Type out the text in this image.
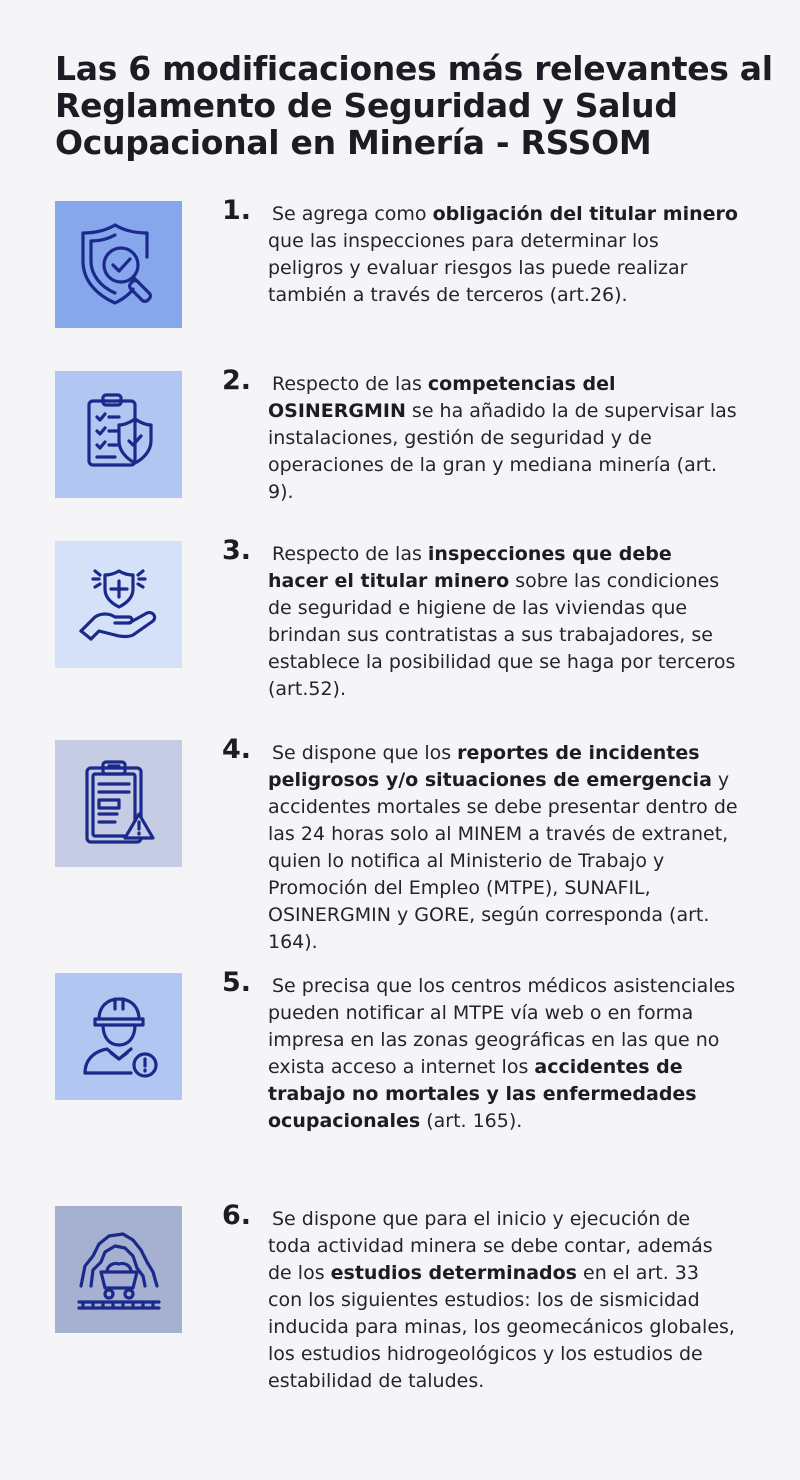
Las 6 modificaciones más relevantes al Reglamento de Seguridad y Salud Ocupacional en Minería - RSSOM
1. Se agrega como obligación del titular minero que las inspecciones para determinar los peligros y evaluar riesgos las puede realizar también a través de terceros (art.26).

2. Respecto de las competencias del OSINERGMIN se ha añadido la de supervisar las instalaciones, gestión de seguridad y de operaciones de la gran y mediana minería (art. 9).

3. Respecto de las inspecciones que debe hacer el titular minero sobre las condiciones de seguridad e higiene de las viviendas que brindan sus contratistas a sus trabajadores, se establece la posibilidad que se haga por terceros (art.52).

4. Se dispone que los reportes de incidentes peligrosos y/o situaciones de emergencia y accidentes mortales se debe presentar dentro de las 24 horas solo al MINEM a través de extranet, quien lo notifica al Ministerio de Trabajo y Promoción del Empleo (MTPE), SUNAFIL, OSINERGMIN y GORE, según corresponda (art. 164).

5. Se precisa que los centros médicos asistenciales pueden notificar al MTPE vía web o en forma impresa en las zonas geográficas en las que no exista acceso a internet los accidentes de trabajo no mortales y las enfermedades ocupacionales (art. 165).

6. Se dispone que para el inicio y ejecución de toda actividad minera se debe contar, además de los estudios determinados en el art. 33 con los siguientes estudios: los de sismicidad inducida para minas, los geomecánicos globales, los estudios hidrogeológicos y los estudios de estabilidad de taludes.
